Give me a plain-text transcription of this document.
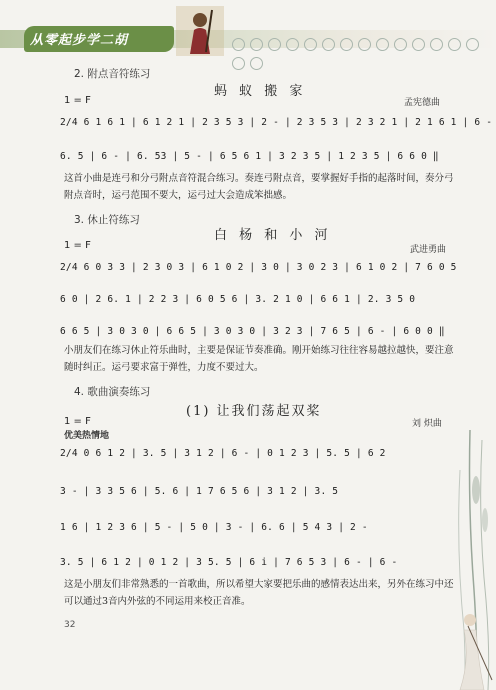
从零起步学二胡
2. 附点音符练习
蚂 蚁 搬 家
1 = F	孟宪德曲
2/4 6 1 6 1 | 6 1 2 1 | 2 3 5 3 | 2 - | 2 3 5 3 | 2 3 2 1 | 2 1 6 1 | 6 -
6. 5 | 6 - | 6. 53 | 5 - | 6 5 6 1 | 3 2 3 5 | 1 2 3 5 | 6 6 0 ‖
这首小曲是连弓和分弓附点音符混合练习。奏连弓附点音，要掌握好手指的起落时间，奏分弓附点音时，运弓范围不要大，运弓过大会造成笨拙感。
3. 休止符练习
白 杨 和 小 河
1 = F	武进勇曲
2/4 6 0 3 3 | 2 3 0 3 | 6 1 0 2 | 3 0 | 3 0 2 3 | 6 1 0 2 | 7 6 0 5
6 0 | 2 6. 1 | 2 2 3 | 6 0 5 6 | 3. 2 1 0 | 6 6 1 | 2. 3 5 0
6 6 5 | 3 0 3 0 | 6 6 5 | 3 0 3 0 | 3 2 3 | 7 6 5 | 6 - | 6 0 0 ‖
小朋友们在练习休止符乐曲时，主要是保证节奏准确。刚开始练习往往容易越拉越快，要注意随时纠正。运弓要求富于弹性，力度不要过大。
4. 歌曲演奏练习
(1) 让我们荡起双桨
1 = F	刘 炽曲
优美热情地
2/4 0 6 1 2 | 3. 5 | 3 1 2 | 6 - | 0 1 2 3 | 5. 5 | 6 2
3 - | 3 3 5 6 | 5. 6 | 1 7 6 5 6 | 3 1 2 | 3. 5
1 6 | 1 2 3 6 | 5 - | 5 0 | 3 - | 6. 6 | 5 4 3 | 2 -
3. 5 | 6 1 2 | 0 1 2 | 3 5. 5 | 6 i | 7 6 5 3 | 6 - | 6 -
这是小朋友们非常熟悉的一首歌曲，所以希望大家要把乐曲的感情表达出来，另外在练习中还可以通过3音内外弦的不同运用来校正音准。
32
